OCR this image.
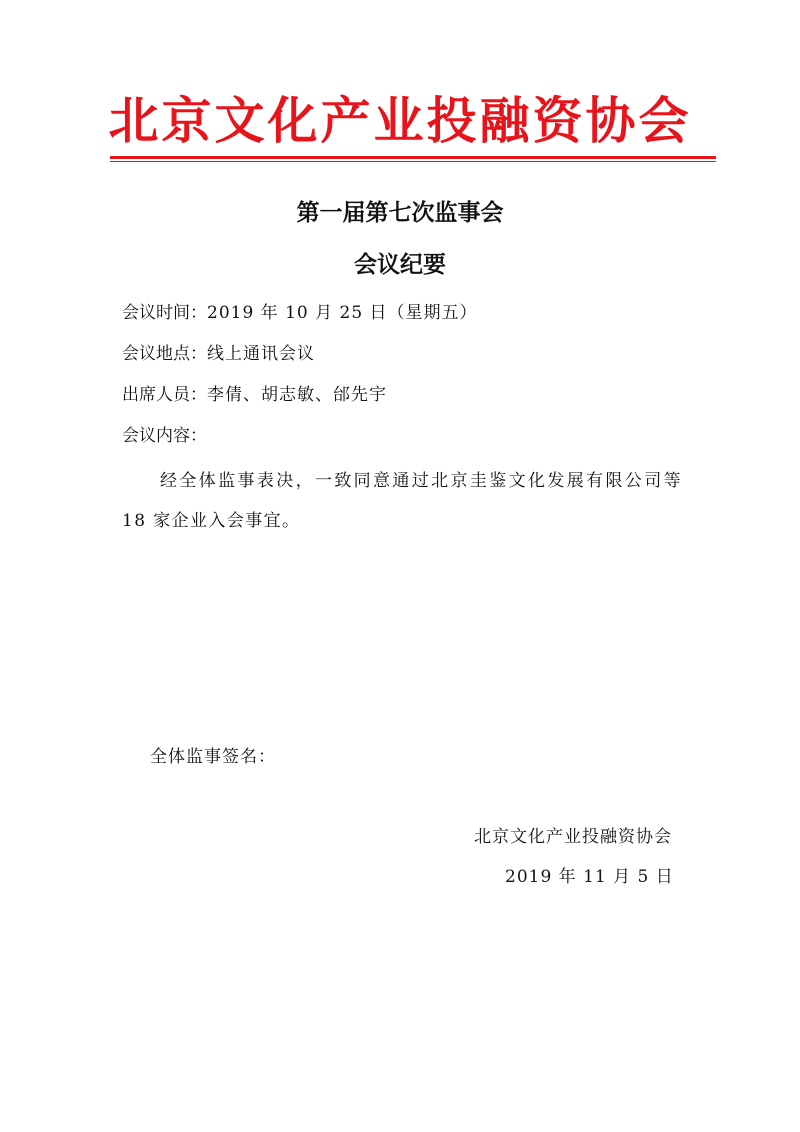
北京文化产业投融资协会
第一届第七次监事会
会议纪要
会议时间：2019 年 10 月 25 日（星期五）
会议地点：线上通讯会议
出席人员：李倩、胡志敏、邰先宇
会议内容：
经全体监事表决，一致同意通过北京圭鉴文化发展有限公司等 18 家企业入会事宜。
全体监事签名：
北京文化产业投融资协会
2019 年 11 月 5 日
